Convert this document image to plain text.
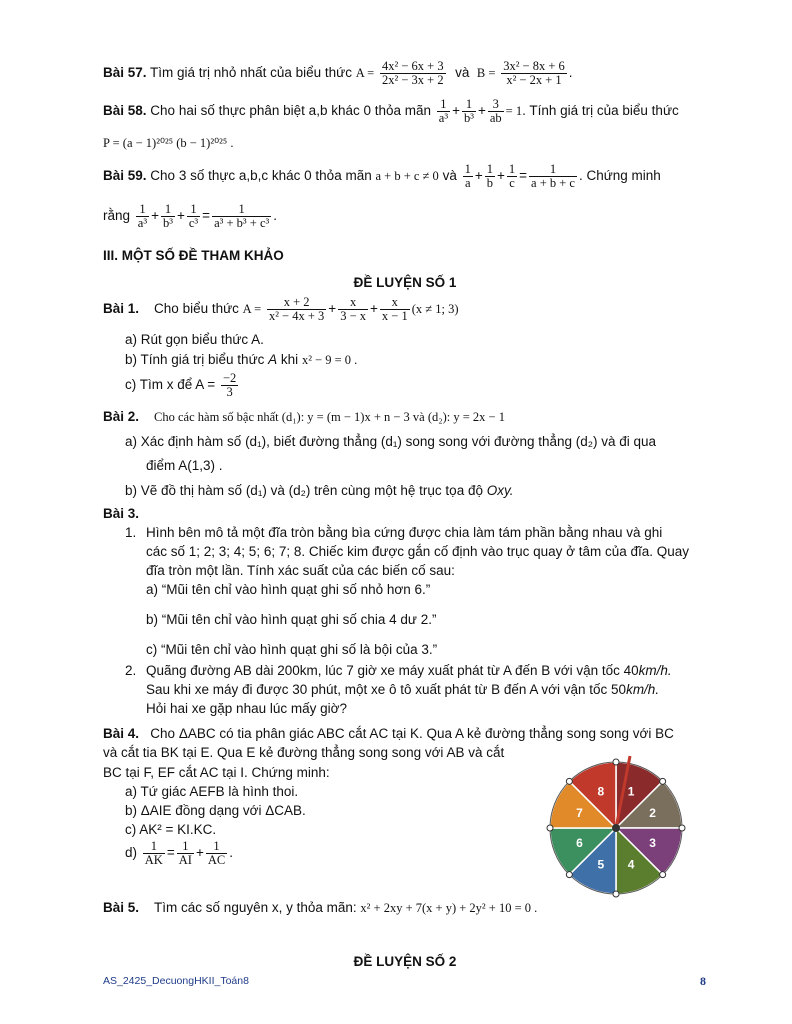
Bài 57. Tìm giá trị nhỏ nhất của biểu thức $A = \frac{\text{4x² − 6x + 3}}{\text{2x² − 3x + 2}}$ và $B = \frac{\text{3x² − 8x + 6}}{\text{x² − 2x + 1}}$ .
Bài 58. Cho hai số thực phân biệt a,b khác 0 thỏa mãn $\frac{1}{\text{a³}} + \frac{1}{\text{b³}} + \frac{3}{ab} = 1$. Tính giá trị của biểu thức
P = (a − 1)²⁰²⁵ (b − 1)²⁰²⁵ .
Bài 59. Cho 3 số thực a,b,c khác 0 thỏa mãn a + b + c ≠ 0 và $\frac{1}{a} + \frac{1}{b} + \frac{1}{c} = \frac{1}{a + b + c}$ . Chứng minh
rằng $\frac{1}{\text{a³}} + \frac{1}{\text{b³}} + \frac{1}{\text{c³}} = \frac{1}{\text{a³ + b³ + c³}}$ .
III. MỘT SỐ ĐỀ THAM KHẢO
ĐỀ LUYỆN SỐ 1
Bài 1. Cho biểu thức $A = \frac{x + 2}{\text{x² − 4x + 3}} + \frac{x}{3 - x} + \frac{x}{x - 1} (x \ne 1$; 3)
a) Rút gọn biểu thức A.
b) Tính giá trị biểu thức A khi x² − 9 = 0 .
c) Tìm x để $A = \frac{-2}{3}$
Bài 2. Cho các hàm số bậc nhất (d₁): y = (m − 1)x + n − 3 và (d₂): y = 2x − 1
a) Xác định hàm số (d₁), biết đường thẳng (d₁) song song với đường thẳng (d₂) và đi qua
điểm A(1,3) .
b) Vẽ đồ thị hàm số (d₁) và (d₂) trên cùng một hệ trục tọa độ Oxy.
Bài 3.
1. Hình bên mô tả một đĩa tròn bằng bìa cứng được chia làm tám phần bằng nhau và ghi
các số 1; 2; 3; 4; 5; 6; 7; 8. Chiếc kim được gắn cố định vào trục quay ở tâm của đĩa. Quay
đĩa tròn một lần. Tính xác suất của các biến cố sau:
a) “Mũi tên chỉ vào hình quạt ghi số nhỏ hơn 6.”
b) “Mũi tên chỉ vào hình quạt ghi số chia 4 dư 2.”
c) “Mũi tên chỉ vào hình quạt ghi số là bội của 3.”
2. Quãng đường AB dài 200km, lúc 7 giờ xe máy xuất phát từ A đến B với vận tốc 40km/h.
Sau khi xe máy đi được 30 phút, một xe ô tô xuất phát từ B đến A với vận tốc 50km/h.
Hỏi hai xe gặp nhau lúc mấy giờ?
Bài 4. Cho ΔABC có tia phân giác ABC cắt AC tại K. Qua A kẻ đường thẳng song song với BC
và cắt tia BK tại E. Qua E kẻ đường thẳng song song với AB và cắt
BC tại F, EF cắt AC tại I. Chứng minh:
a) Tứ giác AEFB là hình thoi.
b) ΔAIE đồng dạng với ΔCAB.
c) AK² = KI.KC.
$d) \frac{1}{AK} = \frac{1}{AI} + \frac{1}{AC}$ .
1
2
3
4
5
6
7
8
Bài 5. Tìm các số nguyên x, y thỏa mãn: x² + 2xy + 7(x + y) + 2y² + 10 = 0 .
ĐỀ LUYỆN SỐ 2
AS_2425_DecuongHKII_Toán8	8
